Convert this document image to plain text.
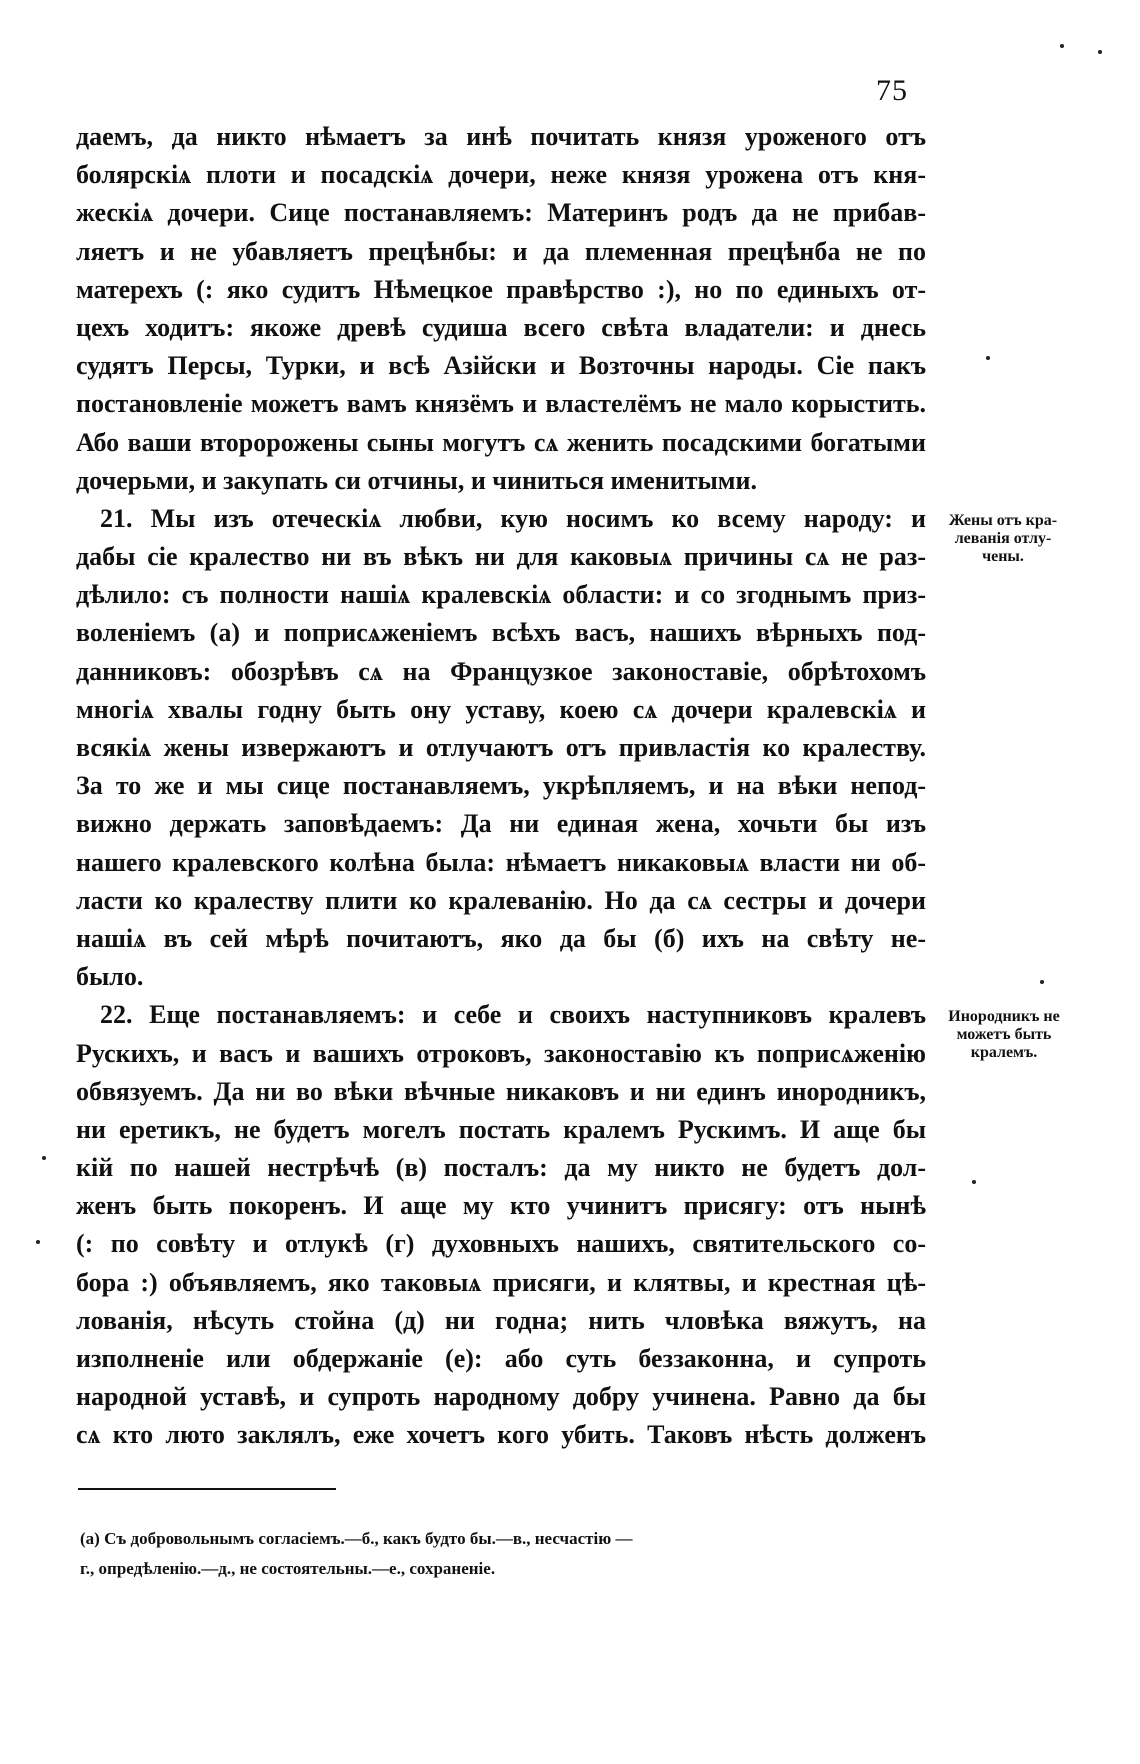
75
даемъ, да никто нѣмаетъ за инѣ почитать князя уроженого отъ
болярскіѧ плоти и посадскіѧ дочери, неже князя урожена отъ кня-
жескіѧ дочери. Сице постанавляемъ: Материнъ родъ да не прибав-
ляетъ и не убавляетъ прецѣнбы: и да племенная прецѣнба не по
матерехъ (: яко судитъ Нѣмецкое правѣрство :), но по единыхъ от-
цехъ ходитъ: якоже древѣ судиша всего свѣта владатели: и днесь
судятъ Персы, Турки, и всѣ Азійски и Возточны народы. Сіе пакъ
постановленіе можетъ вамъ князёмъ и властелёмъ не мало корыстить.
Або ваши второрожены сыны могутъ сѧ женить посадскими богатыми
дочерьми, и закупать си отчины, и чиниться именитыми.
21. Мы изъ отеческіѧ любви, кую носимъ ко всему народу: и
дабы сіе кралество ни въ вѣкъ ни для каковыѧ причины сѧ не раз-
дѣлило: съ полности нашіѧ кралевскіѧ области: и со згоднымъ приз-
воленіемъ (а) и поприсѧженіемъ всѣхъ васъ, нашихъ вѣрныхъ под-
данниковъ: обозрѣвъ сѧ на Французкое законоставіе, обрѣтохомъ
многіѧ хвалы годну быть ону уставу, коею сѧ дочери кралевскіѧ и
всякіѧ жены извержаютъ и отлучаютъ отъ привластія ко кралеству.
За то же и мы сице постанавляемъ, укрѣпляемъ, и на вѣки непод-
вижно держать заповѣдаемъ: Да ни единая жена, хочьти бы изъ
нашего кралевского колѣна была: нѣмаетъ никаковыѧ власти ни об-
ласти ко кралеству плити ко кралеванію. Но да сѧ сестры и дочери
нашіѧ въ сей мѣрѣ почитаютъ, яко да бы (б) ихъ на свѣту не-
было.
22. Еще постанавляемъ: и себе и своихъ наступниковъ кралевъ
Рускихъ, и васъ и вашихъ отроковъ, законоставію къ поприсѧженію
обвязуемъ. Да ни во вѣки вѣчные никаковъ и ни единъ инородникъ,
ни еретикъ, не будетъ могелъ постать кралемъ Рускимъ. И аще бы
кій по нашей нестрѣчѣ (в) посталъ: да му никто не будетъ дол-
женъ быть покоренъ. И аще му кто учинитъ присягу: отъ нынѣ
(: по совѣту и отлукѣ (г) духовныхъ нашихъ, святительского со-
бора :) объявляемъ, яко таковыѧ присяги, и клятвы, и крестная цѣ-
лованія, нѣсуть стойна (д) ни годна; нить чловѣка вяжутъ, на
изполненіе или обдержаніе (е): або суть беззаконна, и супроть
народной уставѣ, и супроть народному добру учинена. Равно да бы
сѧ кто люто заклялъ, еже хочетъ кого убить. Таковъ нѣсть долженъ
Жены отъ кра-
леванія отлу-
чены.
Инородникъ не
можетъ быть
кралемъ.
(а) Съ добровольнымъ согласіемъ.—б., какъ будто бы.—в., несчастію —
г., опредѣленію.—д., не состоятельны.—е., сохраненіе.
